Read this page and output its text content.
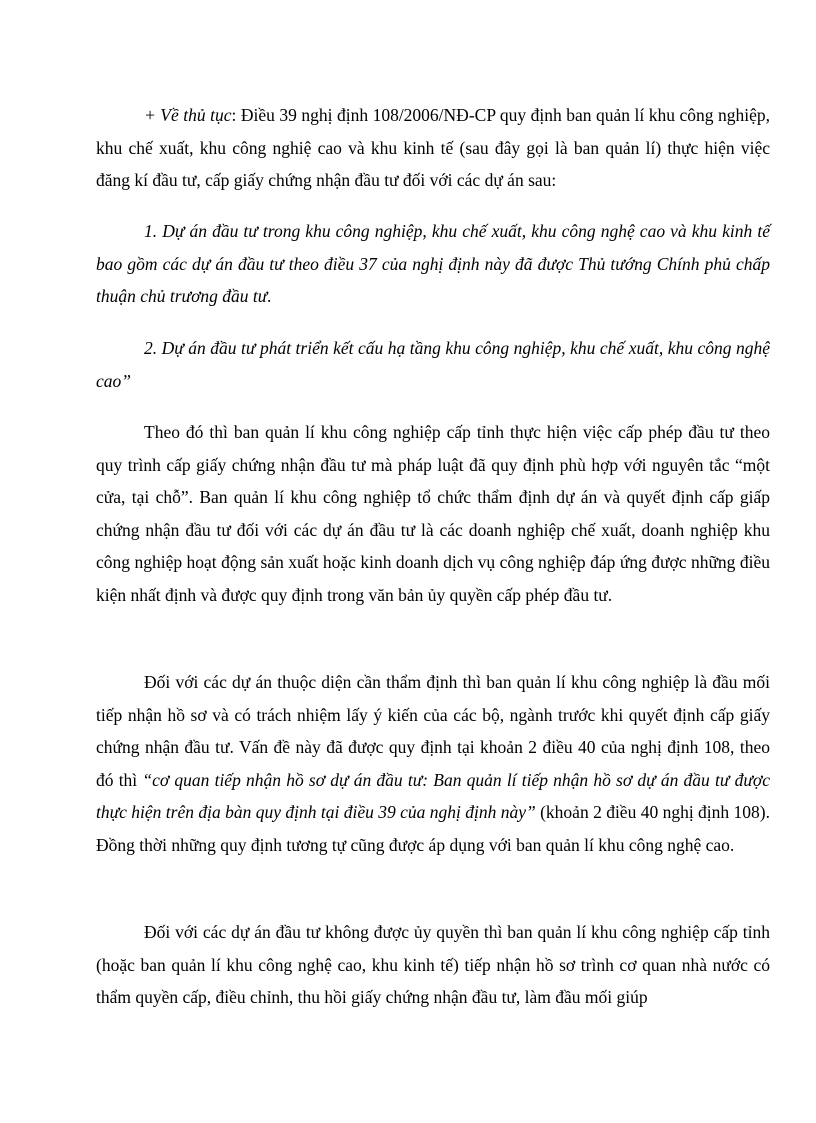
+ Về thủ tục: Điều 39 nghị định 108/2006/NĐ-CP quy định ban quản lí khu công nghiệp, khu chế xuất, khu công nghiệ cao và khu kinh tế (sau đây gọi là ban quản lí) thực hiện việc đăng kí đầu tư, cấp giấy chứng nhận đầu tư đối với các dự án sau:

1. Dự án đầu tư trong khu công nghiệp, khu chế xuất, khu công nghệ cao và khu kinh tế bao gồm các dự án đầu tư theo điều 37 của nghị định này đã được Thủ tướng Chính phủ chấp thuận chủ trương đầu tư.

2. Dự án đầu tư phát triển kết cấu hạ tầng khu công nghiệp, khu chế xuất, khu công nghệ cao”

Theo đó thì ban quản lí khu công nghiệp cấp tỉnh thực hiện việc cấp phép đầu tư theo quy trình cấp giấy chứng nhận đầu tư mà pháp luật đã quy định phù hợp với nguyên tắc “một cửa, tại chỗ”. Ban quản lí khu công nghiệp tổ chức thẩm định dự án và quyết định cấp giấp chứng nhận đầu tư đối với các dự án đầu tư là các doanh nghiệp chế xuất, doanh nghiệp khu công nghiệp hoạt động sản xuất hoặc kinh doanh dịch vụ công nghiệp đáp ứng được những điều kiện nhất định và được quy định trong văn bản ủy quyền cấp phép đầu tư.

Đối với các dự án thuộc diện cần thẩm định thì ban quản lí khu công nghiệp là đầu mối tiếp nhận hồ sơ và có trách nhiệm lấy ý kiến của các bộ, ngành trước khi quyết định cấp giấy chứng nhận đầu tư. Vấn đề này đã được quy định tại khoản 2 điều 40 của nghị định 108, theo đó thì “cơ quan tiếp nhận hồ sơ dự án đầu tư: Ban quản lí tiếp nhận hồ sơ dự án đầu tư được thực hiện trên địa bàn quy định tại điều 39 của nghị định này” (khoản 2 điều 40 nghị định 108). Đồng thời những quy định tương tự cũng được áp dụng với ban quản lí khu công nghệ cao.

Đối với các dự án đầu tư không được ủy quyền thì ban quản lí khu công nghiệp cấp tỉnh (hoặc ban quản lí khu công nghệ cao, khu kinh tế) tiếp nhận hồ sơ trình cơ quan nhà nước có thẩm quyền cấp, điều chỉnh, thu hồi giấy chứng nhận đầu tư, làm đầu mối giúp
